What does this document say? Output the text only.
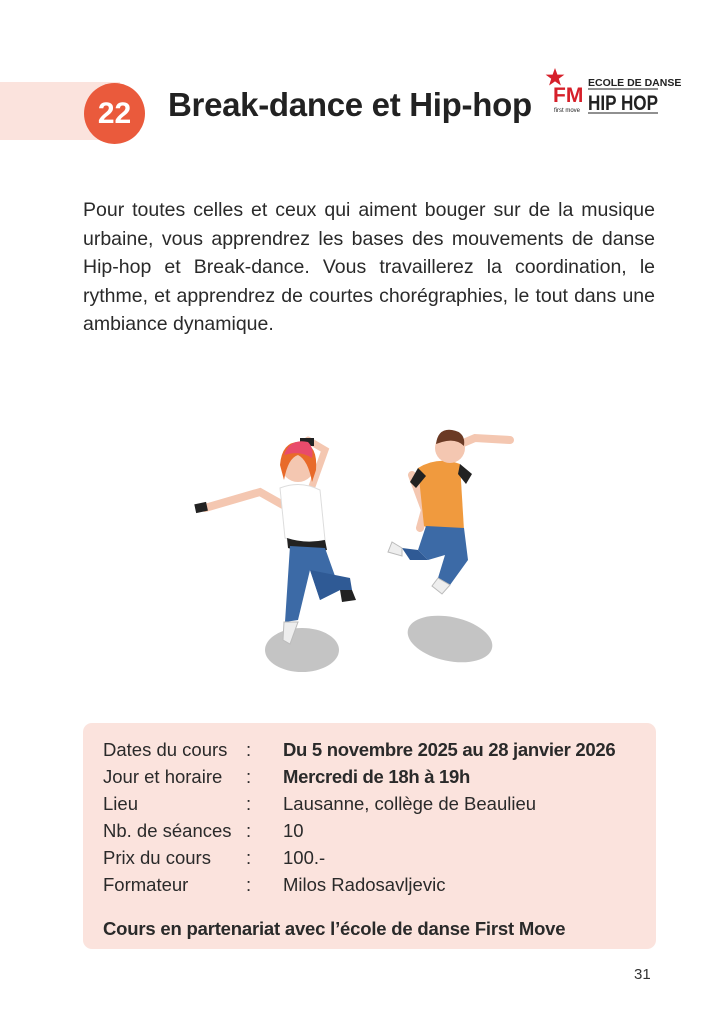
22	Break-dance et Hip-hop FM
ECOLE DE DANSE
HIP HOP
first move
Pour toutes celles et ceux qui aiment bouger sur de la musique urbaine, vous apprendrez les bases des mouvements de danse Hip-hop et Break-dance. Vous travaillerez la coordination, le rythme, et apprendrez de courtes chorégraphies, le tout dans une ambiance dynamique.
Dates du cours : Du 5 novembre 2025 au 28 janvier 2026
Jour et horaire : Mercredi de 18h à 19h
Lieu	: Lausanne, collège de Beaulieu
Nb. de séances : 10
Prix du cours : 100.-
Formateur	: Milos Radosavljevic
Cours en partenariat avec l’école de danse First Move
31
